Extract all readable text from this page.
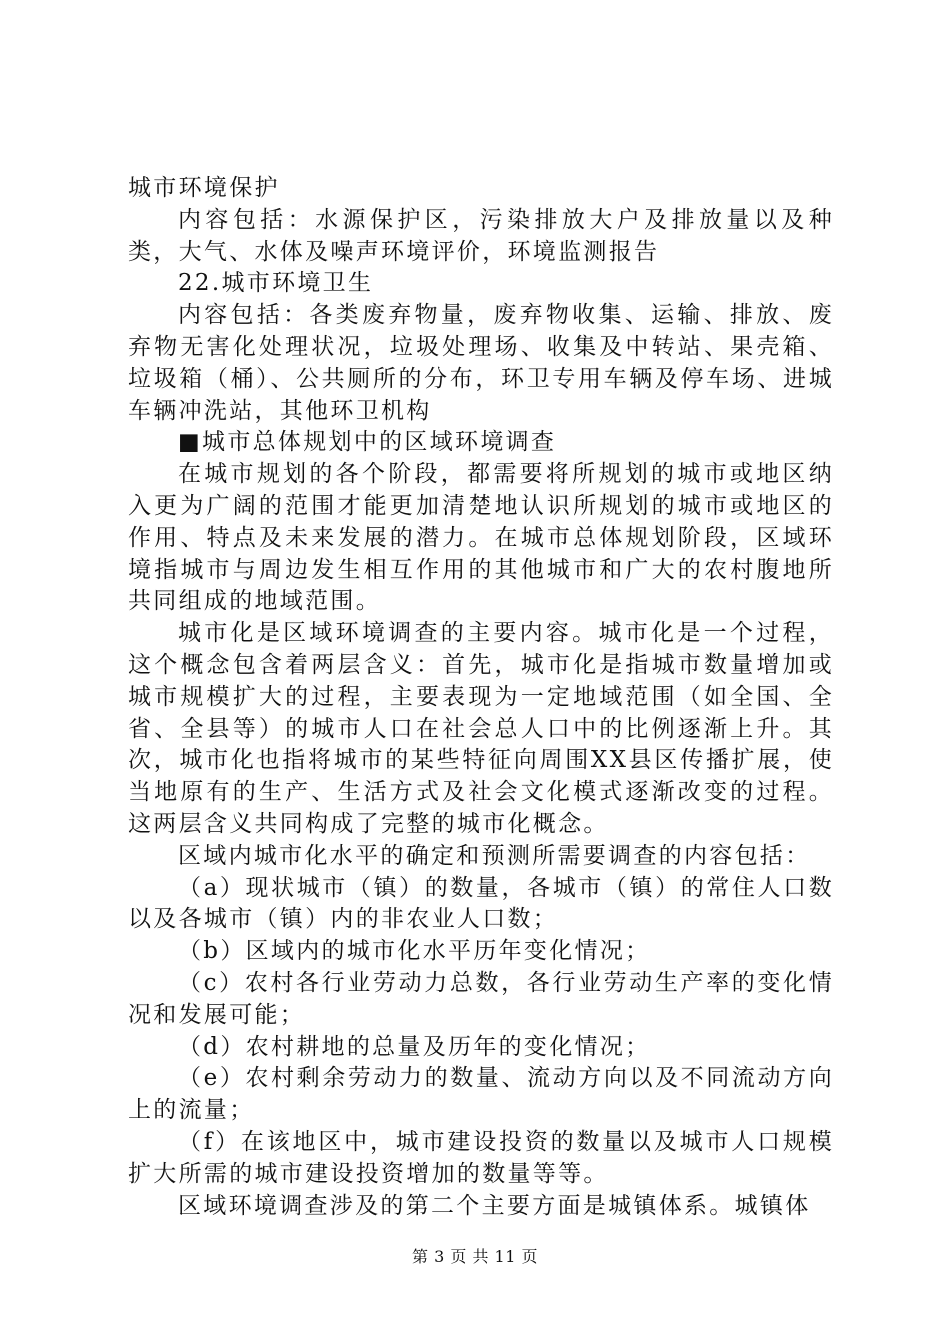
城市环境保护

内容包括：水源保护区，污染排放大户及排放量以及种类，大气、水体及噪声环境评价，环境监测报告

22.城市环境卫生

内容包括：各类废弃物量，废弃物收集、运输、排放、废弃物无害化处理状况，垃圾处理场、收集及中转站、果壳箱、垃圾箱（桶）、公共厕所的分布，环卫专用车辆及停车场、进城车辆冲洗站，其他环卫机构

■城市总体规划中的区域环境调查

在城市规划的各个阶段，都需要将所规划的城市或地区纳入更为广阔的范围才能更加清楚地认识所规划的城市或地区的作用、特点及未来发展的潜力。在城市总体规划阶段，区域环境指城市与周边发生相互作用的其他城市和广大的农村腹地所共同组成的地域范围。

城市化是区域环境调查的主要内容。城市化是一个过程，这个概念包含着两层含义：首先，城市化是指城市数量增加或城市规模扩大的过程，主要表现为一定地域范围（如全国、全省、全县等）的城市人口在社会总人口中的比例逐渐上升。其次，城市化也指将城市的某些特征向周围XX县区传播扩展，使当地原有的生产、生活方式及社会文化模式逐渐改变的过程。这两层含义共同构成了完整的城市化概念。

区域内城市化水平的确定和预测所需要调查的内容包括：

（a）现状城市（镇）的数量，各城市（镇）的常住人口数以及各城市（镇）内的非农业人口数；

（b）区域内的城市化水平历年变化情况；

（c）农村各行业劳动力总数，各行业劳动生产率的变化情况和发展可能；

（d）农村耕地的总量及历年的变化情况；

（e）农村剩余劳动力的数量、流动方向以及不同流动方向上的流量；

（f）在该地区中，城市建设投资的数量以及城市人口规模扩大所需的城市建设投资增加的数量等等。

区域环境调查涉及的第二个主要方面是城镇体系。城镇体

第 3 页 共 11 页
